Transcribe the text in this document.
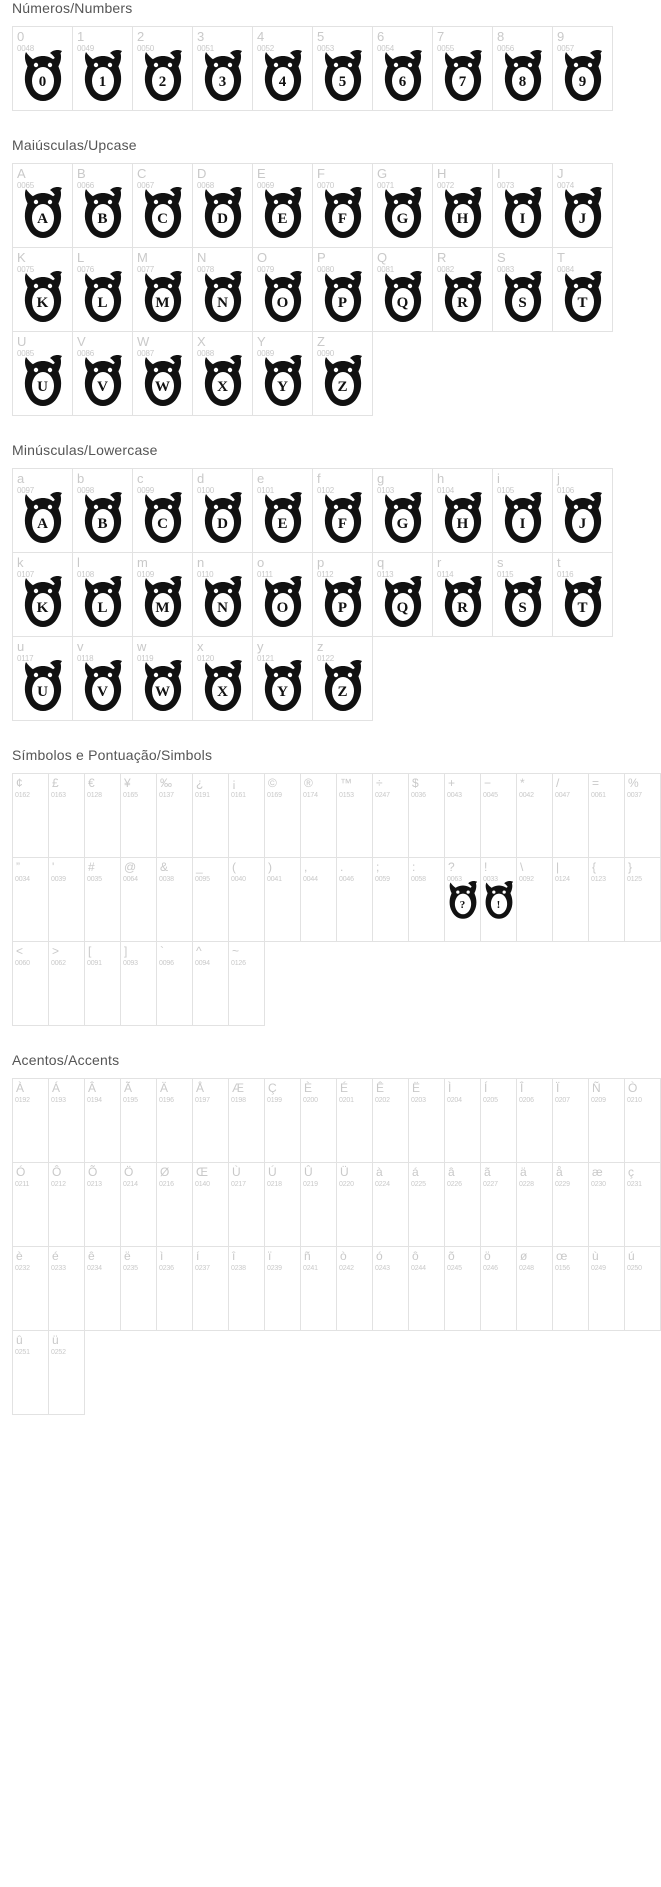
Números/Numbers
0
0048
0
1
0049
1
2
0050
2
3
0051
3
4
0052
4
5
0053
5
6
0054
6
7
0055
7
8
0056
8
9
0057
9
Maiúsculas/Upcase
A
0065
A
B
0066
B
C
0067
C
D
0068
D
E
0069
E
F
0070
F
G
0071
G
H
0072
H
I
0073
I
J
0074
J
K
0075
K
L
0076
L
M
0077
M
N
0078
N
O
0079
O
P
0080
P
Q
0081
Q
R
0082
R
S
0083
S
T
0084
T
U
0085
U
V
0086
V
W
0087
W
X
0088
X
Y
0089
Y
Z
0090
Z
Minúsculas/Lowercase
a
0097
A
b
0098
B
c
0099
C
d
0100
D
e
0101
E
f
0102
F
g
0103
G
h
0104
H
i
0105
I
j
0106
J
k
0107
K
l
0108
L
m
0109
M
n
0110
N
o
0111
O
p
0112
P
q
0113
Q
r
0114
R
s
0115
S
t
0116
T
u
0117
U
v
0118
V
w
0119
W
x
0120
X
y
0121
Y
z
0122
Z
Símbolos e Pontuação/Simbols
¢
0162
£
0163
€
0128
¥
0165
‰
0137
¿
0191
¡
0161
©
0169
®
0174
™
0153
÷
0247
$
0036
+
0043
−
0045
*
0042
/
0047
=
0061
%
0037
”
0034
'
0039
#
0035
@
0064
&
0038
_
0095
(
0040
)
0041
,
0044
.
0046
;
0059
:
0058
?
0063
?
!
0033
!
\
0092
|
0124
{
0123
}
0125
<
0060
>
0062
[
0091
]
0093
`
0096
^
0094
~
0126
Acentos/Accents
À
0192
Á
0193
Â
0194
Ã
0195
Ä
0196
Å
0197
Æ
0198
Ç
0199
È
0200
É
0201
Ê
0202
Ë
0203
Ì
0204
Í
0205
Î
0206
Ï
0207
Ñ
0209
Ò
0210
Ó
0211
Ô
0212
Õ
0213
Ö
0214
Ø
0216
Œ
0140
Ù
0217
Ú
0218
Û
0219
Ü
0220
à
0224
á
0225
â
0226
ã
0227
ä
0228
å
0229
æ
0230
ç
0231
è
0232
é
0233
ê
0234
ë
0235
ì
0236
í
0237
î
0238
ï
0239
ñ
0241
ò
0242
ó
0243
ô
0244
õ
0245
ö
0246
ø
0248
œ
0156
ù
0249
ú
0250
û
0251
ü
0252
